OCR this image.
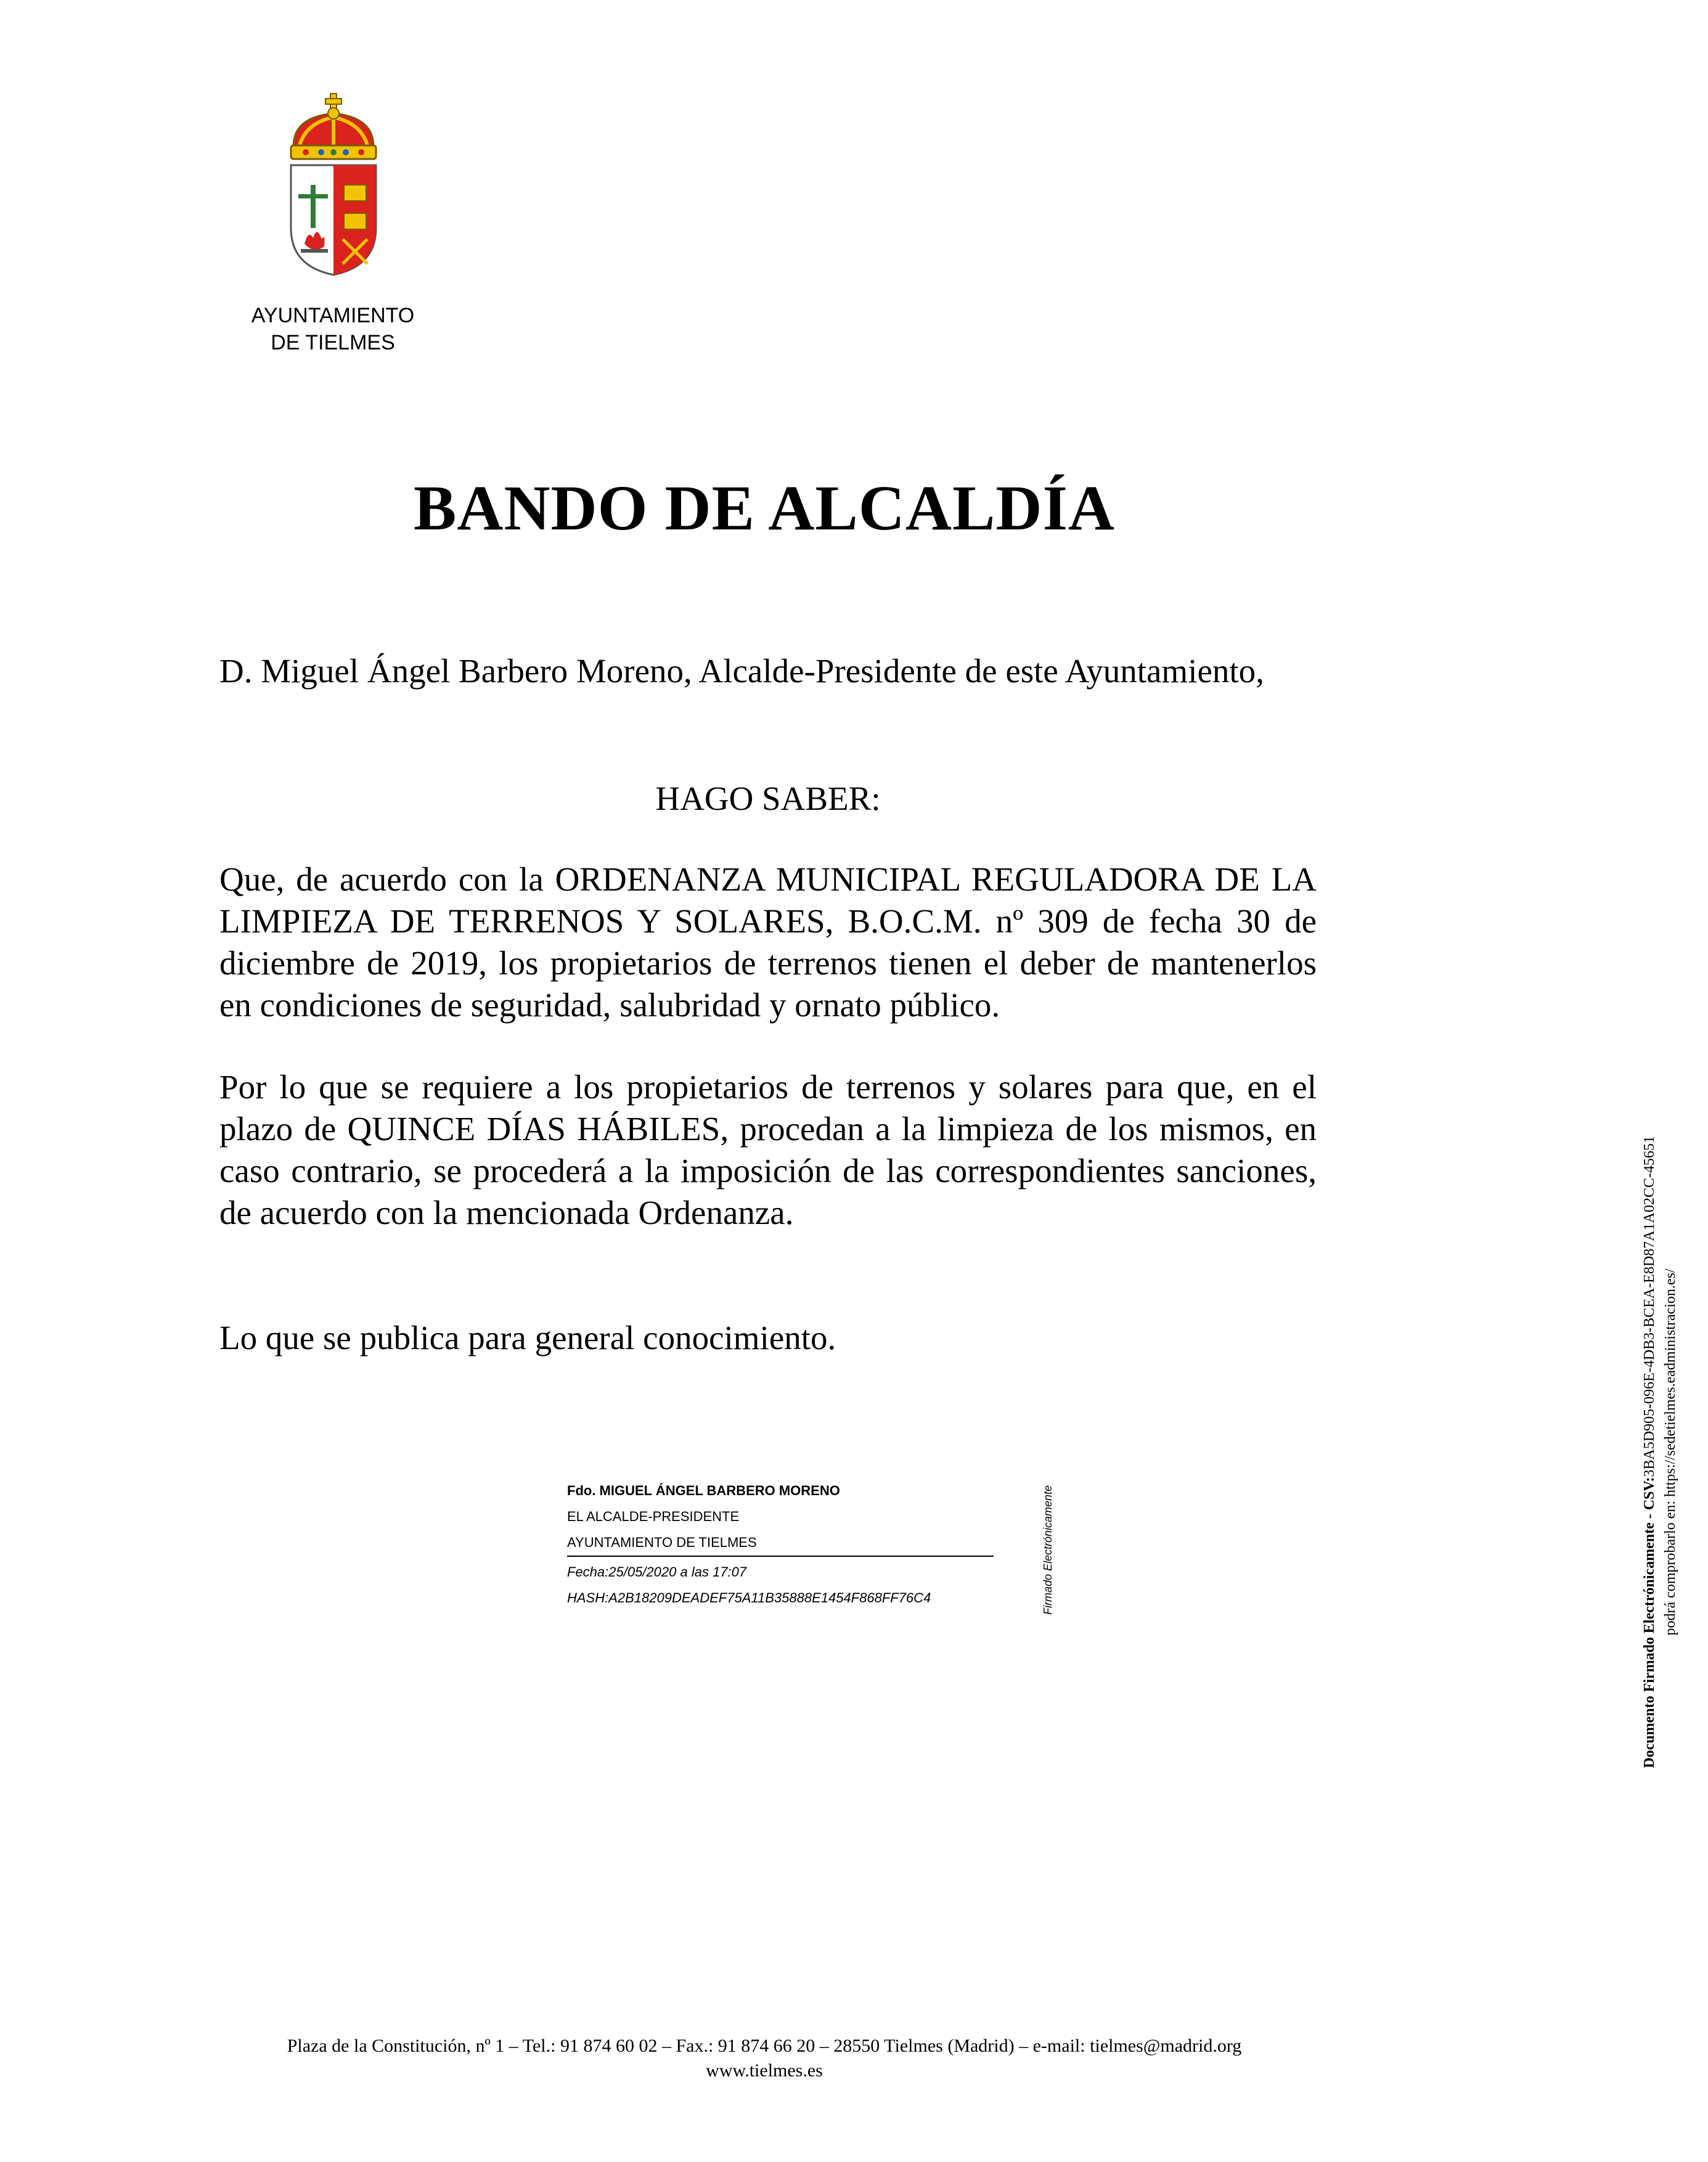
AYUNTAMIENTO
DE TIELMES
BANDO DE ALCALDÍA
D. Miguel Ángel Barbero Moreno, Alcalde-Presidente de este Ayuntamiento,
HAGO SABER:
Que, de acuerdo con la ORDENANZA MUNICIPAL REGULADORA DE LA LIMPIEZA DE TERRENOS Y SOLARES, B.O.C.M. nº 309 de fecha 30 de diciembre de 2019, los propietarios de terrenos tienen el deber de mantenerlos en condiciones de seguridad, salubridad y ornato público.
Por lo que se requiere a los propietarios de terrenos y solares para que, en el plazo de QUINCE DÍAS HÁBILES, procedan a la limpieza de los mismos, en caso contrario, se procederá a la imposición de las correspondientes sanciones, de acuerdo con la mencionada Ordenanza.
Lo que se publica para general conocimiento.
Fdo. MIGUEL ÁNGEL BARBERO MORENO
EL ALCALDE-PRESIDENTE
AYUNTAMIENTO DE TIELMES
Fecha:25/05/2020 a las 17:07
HASH:A2B18209DEADEF75A11B35888E1454F868FF76C4	Firmado Electrónicamente	Documento Firmado Electrónicamente - CSV:3BA5D905-096E-4DB3-BCEA-E8D87A1A02CC-45651 podrá comprobarlo en: https://sedetielmes.eadministracion.es/
Plaza de la Constitución, nº 1 – Tel.: 91 874 60 02 – Fax.: 91 874 66 20 – 28550 Tielmes (Madrid) – e-mail: tielmes@madrid.org
www.tielmes.es
